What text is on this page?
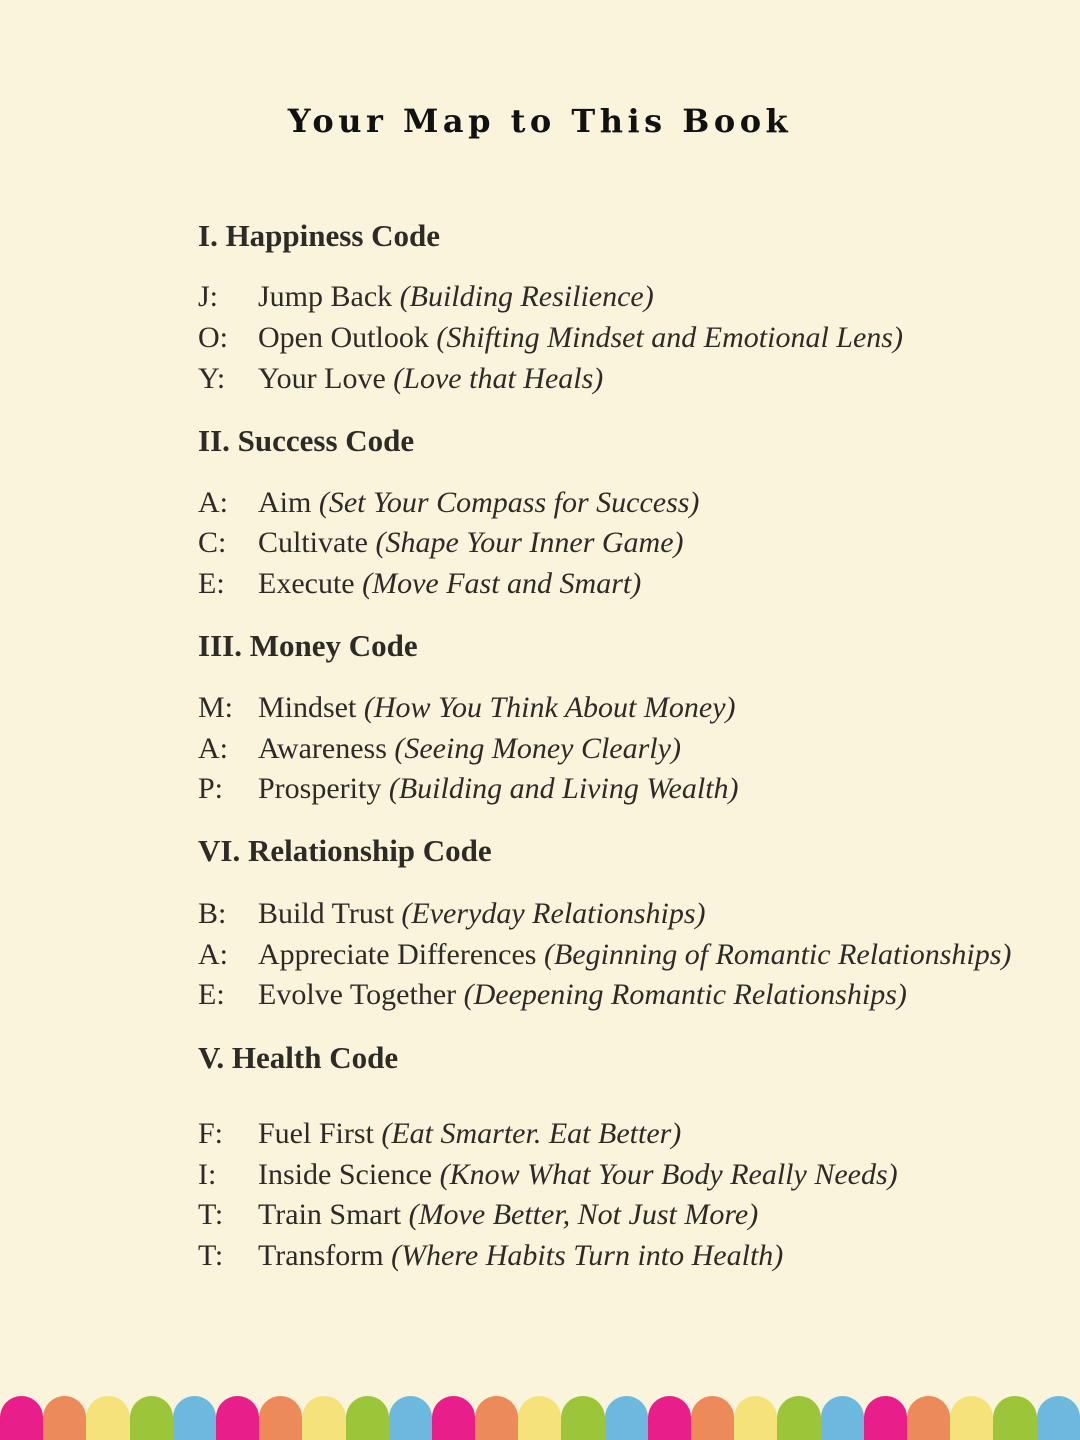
Your Map to This Book
I. Happiness Code
J:	Jump Back (Building Resilience)
O:	Open Outlook (Shifting Mindset and Emotional Lens)
Y:	Your Love (Love that Heals)
II. Success Code
A:	Aim (Set Your Compass for Success)
C:	Cultivate (Shape Your Inner Game)
E:	Execute (Move Fast and Smart)
III. Money Code
M: Mindset (How You Think About Money)
A:	Awareness (Seeing Money Clearly)
P:	Prosperity (Building and Living Wealth)
VI. Relationship Code
B:	Build Trust (Everyday Relationships)
A:	Appreciate Differences (Beginning of Romantic Relationships)
E:	Evolve Together (Deepening Romantic Relationships)
V. Health Code
F:	Fuel First (Eat Smarter. Eat Better)
I:	Inside Science (Know What Your Body Really Needs)
T:	Train Smart (Move Better, Not Just More)
T:	Transform (Where Habits Turn into Health)
